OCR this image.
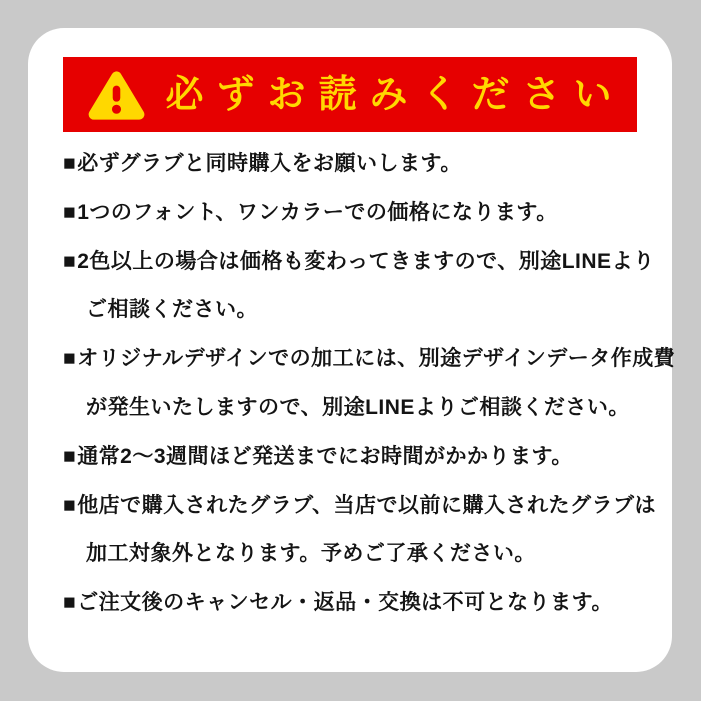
必ずお読みください
■必ずグラブと同時購入をお願いします。
■1つのフォント、ワンカラーでの価格になります。
■2色以上の場合は価格も変わってきますので、別途LINEより
ご相談ください。
■オリジナルデザインでの加工には、別途デザインデータ作成費
が発生いたしますので、別途LINEよりご相談ください。
■通常2〜3週間ほど発送までにお時間がかかります。
■他店で購入されたグラブ、当店で以前に購入されたグラブは
加工対象外となります。予めご了承ください。
■ご注文後のキャンセル・返品・交換は不可となります。
